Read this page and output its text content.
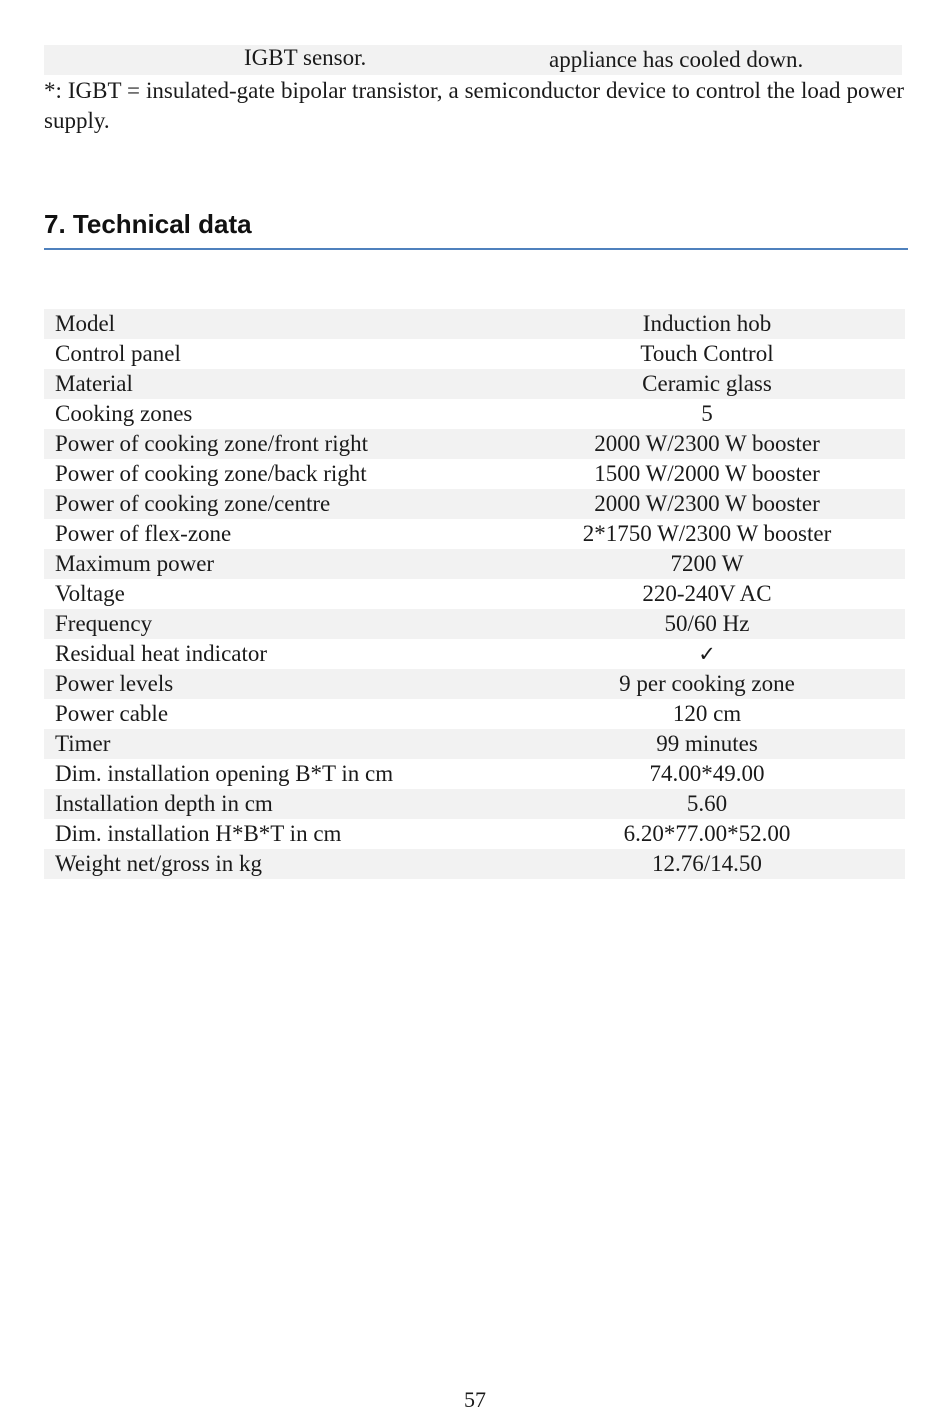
IGBT sensor.	appliance has cooled down.
*: IGBT = insulated-gate bipolar transistor, a semiconductor device to control the load power supply.
7. Technical data
Model	Induction hob
Control panel	Touch Control
Material	Ceramic glass
Cooking zones	5
Power of cooking zone/front right	2000 W/2300 W booster
Power of cooking zone/back right	1500 W/2000 W booster
Power of cooking zone/centre	2000 W/2300 W booster
Power of flex-zone	2*1750 W/2300 W booster
Maximum power	7200 W
Voltage	220-240V AC
Frequency	50/60 Hz
Residual heat indicator	✓
Power levels	9 per cooking zone
Power cable	120 cm
Timer	99 minutes
Dim. installation opening B*T in cm	74.00*49.00
Installation depth in cm	5.60
Dim. installation H*B*T in cm	6.20*77.00*52.00
Weight net/gross in kg	12.76/14.50
57
